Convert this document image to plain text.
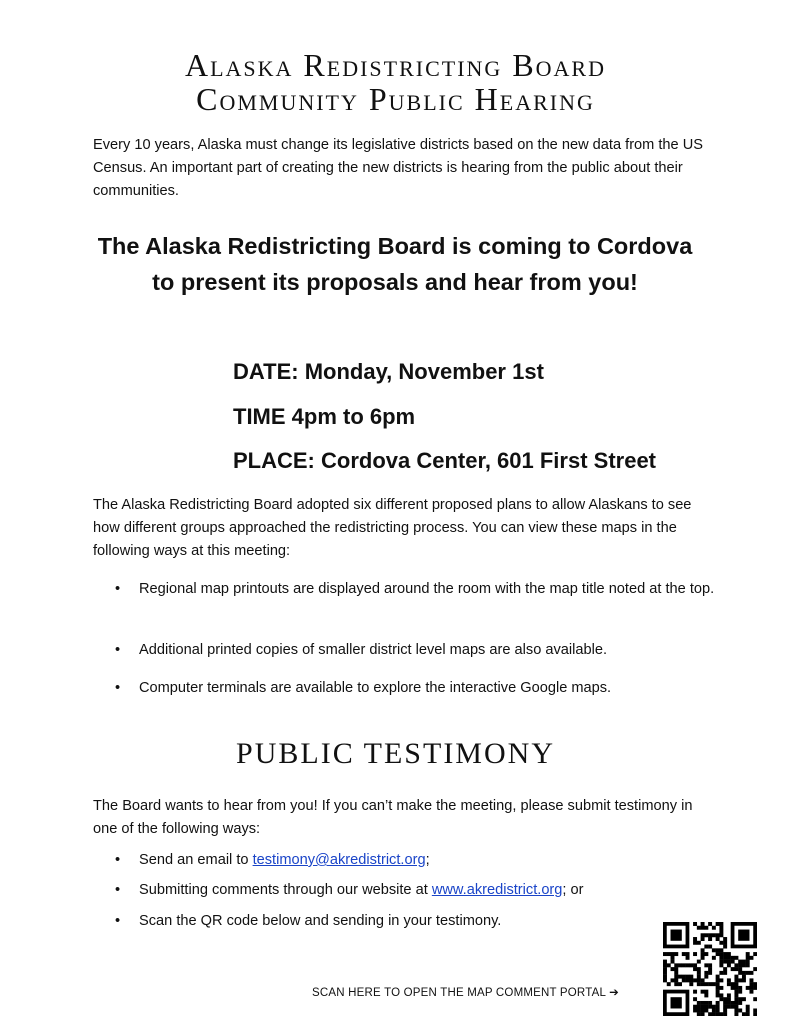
Alaska Redistricting Board
Community Public Hearing
Every 10 years, Alaska must change its legislative districts based on the new data from the US Census. An important part of creating the new districts is hearing from the public about their communities.
The Alaska Redistricting Board is coming to Cordova to present its proposals and hear from you!
DATE: Monday, November 1st
TIME 4pm to 6pm
PLACE: Cordova Center, 601 First Street
The Alaska Redistricting Board adopted six different proposed plans to allow Alaskans to see how different groups approached the redistricting process. You can view these maps in the following ways at this meeting:
• Regional map printouts are displayed around the room with the map title noted at the top.
• Additional printed copies of smaller district level maps are also available.
• Computer terminals are available to explore the interactive Google maps.
PUBLIC TESTIMONY
The Board wants to hear from you! If you can’t make the meeting, please submit testimony in one of the following ways:
• Send an email to testimony@akredistrict.org;
• Submitting comments through our website at www.akredistrict.org; or
• Scan the QR code below and sending in your testimony.
SCAN HERE TO OPEN THE MAP COMMENT PORTAL ➔
